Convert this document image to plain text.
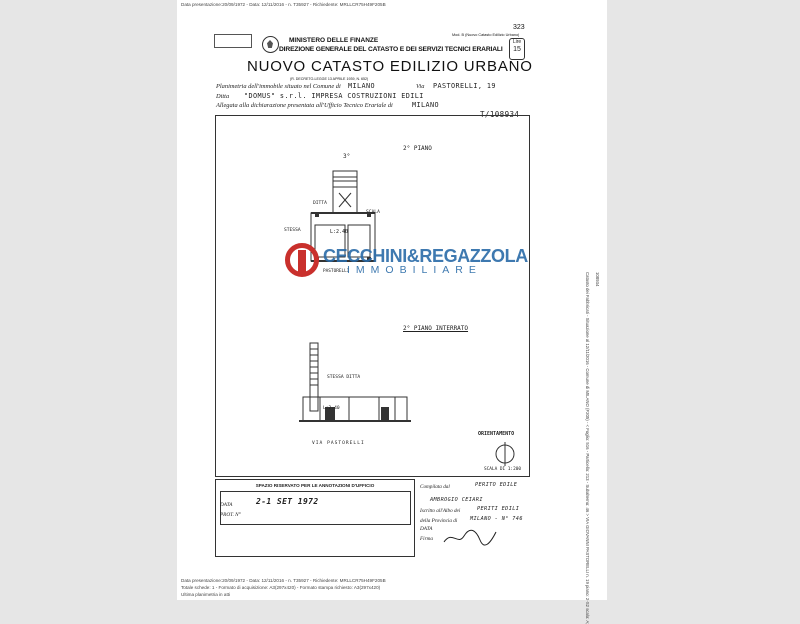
Data presentazione:20/09/1972 - Data: 12/11/2016 - n. T35927 - Richiedente: MRLLCR75H49F205B
323
Mod. B (Nuovo Catasto Edilizio Urbano)
MINISTERO DELLE FINANZE
DIREZIONE GENERALE DEL CATASTO E DEI SERVIZI TECNICI ERARIALI
NUOVO CATASTO EDILIZIO URBANO
Lire
15
(R. DECRETO-LEGGE 13 APRILE 1939, N. 652)
Planimetria dell'immobile situato nel Comune di MILANO	Via PASTORELLI, 19
Ditta "DOMUS" s.r.l. IMPRESA COSTRUZIONI EDILI
Allegata alla dichiarazione presentata all'Ufficio Tecnico Erariale di	MILANO
T/108934
2° PIANO
3°
DITTA
SCALA
STESSA	L:2.40
PASTORELLI
CECCHINI&REGAZZOLA
IMMOBILIARE
2° PIANO INTERRATO
STESSA DITTA
L:2.40
VIA PASTORELLI
ORIENTAMENTO
SCALA DI 1:200
SPAZIO RISERVATO PER LE ANNOTAZIONI D'UFFICIO
DATA	2-1 SET 1972
PROT. N°
Compilata dal	PERITO EDILE
AMBROGIO CEIARI
Iscritto all'Albo dei	PERITI EDILI
della Provincia di MILANO - N° 746
DATA
Firma	Catasto dei Fabbricati - Situazione al 12/11/2016 - Comune di MILANO (F205) - < Foglio: 516 - Particella: 213 - Subalterno: 46 > VIA GIOVANNI PASTORELLI n. 19 piano: 2-S2 scala: A; 108934
Data presentazione:20/09/1972 - Data: 12/11/2016 - n. T35927 - Richiedente: MRLLCR75H49F205B
Totale schede: 1 - Formato di acquisizione: A3(297x420) - Formato stampa richiesto: A3(297x420)
Ultima planimetria in atti
